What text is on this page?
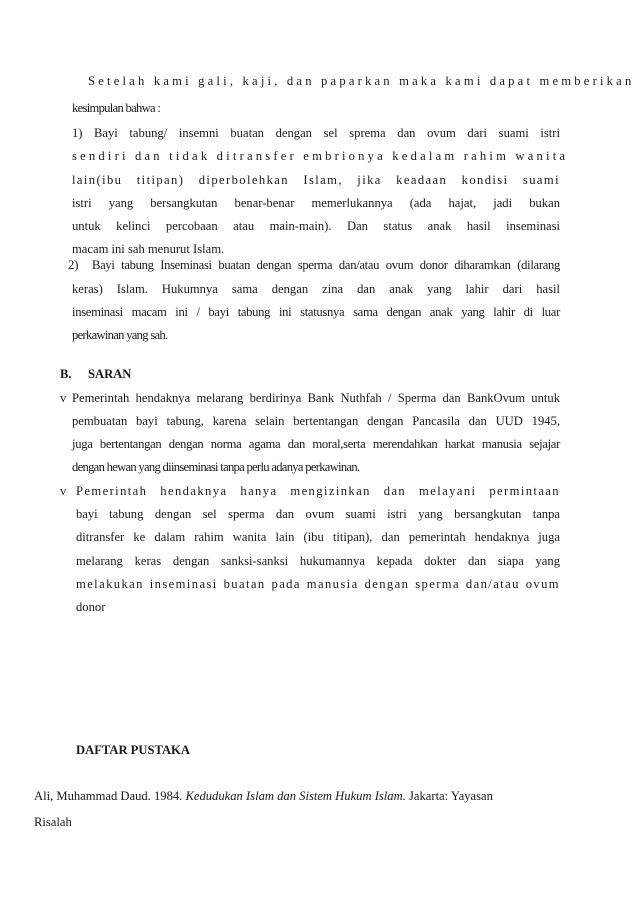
Setelah kami gali, kaji, dan paparkan maka kami dapat memberikan
kesimpulan bahwa :
1) Bayi tabung/ insemni buatan dengan sel sprema dan ovum dari suami istri
sendiri dan tidak ditransfer embrionya kedalam rahim wanita
lain(ibu titipan) diperbolehkan Islam, jika keadaan kondisi suami
istri yang bersangkutan benar-benar memerlukannya (ada hajat, jadi bukan
untuk kelinci percobaan atau main-main). Dan status anak hasil inseminasi
macam ini sah menurut Islam.
2) Bayi tabung Inseminasi buatan dengan sperma dan/atau ovum donor diharamkan (dilarang
keras) Islam. Hukumnya sama dengan zina dan anak yang lahir dari hasil
inseminasi macam ini / bayi tabung ini statusnya sama dengan anak yang lahir di luar
perkawinan yang sah.
B. SARAN
v Pemerintah hendaknya melarang berdirinya Bank Nuthfah / Sperma dan BankOvum untuk
pembuatan bayi tabung, karena selain bertentangan dengan Pancasila dan UUD 1945,
juga bertentangan dengan norma agama dan moral,serta merendahkan harkat manusia sejajar
dengan hewan yang diinseminasi tanpa perlu adanya perkawinan.
v Pemerintah hendaknya hanya mengizinkan dan melayani permintaan
bayi tabung dengan sel sperma dan ovum suami istri yang bersangkutan tanpa
ditransfer ke dalam rahim wanita lain (ibu titipan), dan pemerintah hendaknya juga
melarang keras dengan sanksi-sanksi hukumannya kepada dokter dan siapa yang
melakukan inseminasi buatan pada manusia dengan sperma dan/atau ovum
donor
DAFTAR PUSTAKA
Ali, Muhammad Daud. 1984. Kedudukan Islam dan Sistem Hukum Islam. Jakarta: Yayasan
Risalah
